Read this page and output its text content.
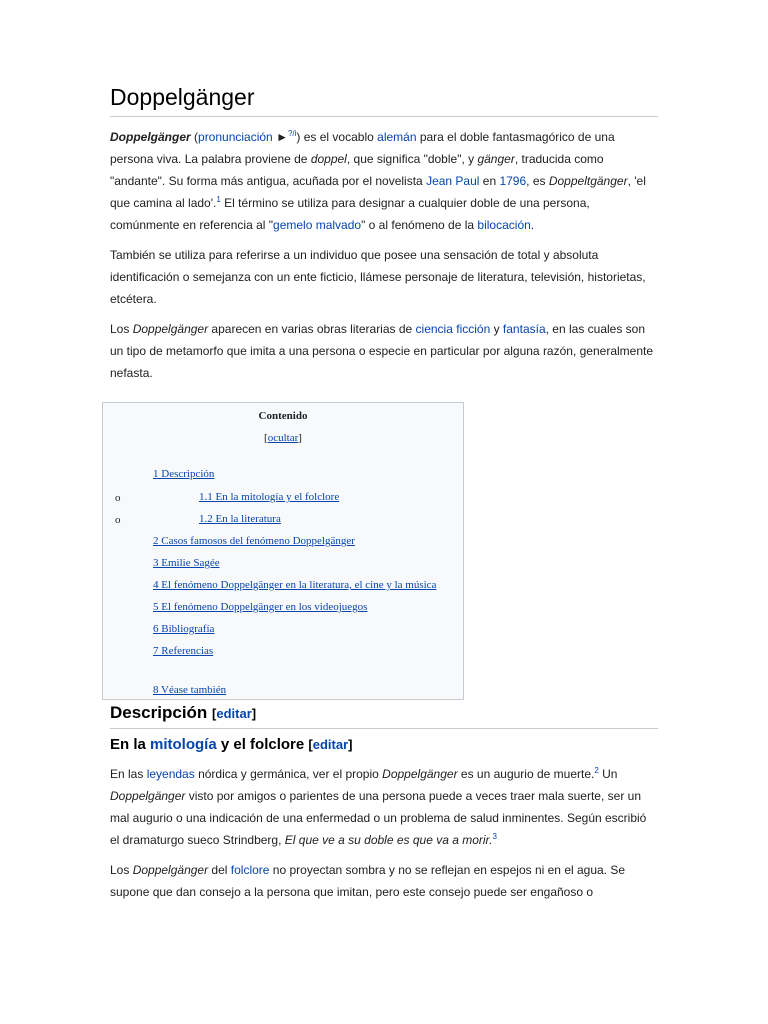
Doppelgänger

Doppelgänger (pronunciación ►$^{?/i}$) es el vocablo alemán para el doble fantasmagórico de una persona viva. La palabra proviene de doppel, que significa "doble", y gänger, traducida como "andante". Su forma más antigua, acuñada por el novelista Jean Paul en 1796, es Doppeltgänger, 'el que camina al lado'.$^1$ El término se utiliza para designar a cualquier doble de una persona, comúnmente en referencia al "gemelo malvado" o al fenómeno de la bilocación.

También se utiliza para referirse a un individuo que posee una sensación de total y absoluta identificación o semejanza con un ente ficticio, llámese personaje de literatura, televisión, historietas, etcétera.

Los Doppelgänger aparecen en varias obras literarias de ciencia ficción y fantasía, en las cuales son un tipo de metamorfo que imita a una persona o especie en particular por alguna razón, generalmente nefasta.

Contenido
[ocultar]
1 Descripción
o	1.1 En la mitología y el folclore
o	1.2 En la literatura
2 Casos famosos del fenómeno Doppelgänger
3 Emilie Sagée
4 El fenómeno Doppelgänger en la literatura, el cine y la música
5 El fenómeno Doppelgänger en los videojuegos
6 Bibliografía
7 Referencias
8 Véase también
Descripción [editar]
En la mitología y el folclore [editar]

En las leyendas nórdica y germánica, ver el propio Doppelgänger es un augurio de muerte.$^2$ Un Doppelgänger visto por amigos o parientes de una persona puede a veces traer mala suerte, ser un mal augurio o una indicación de una enfermedad o un problema de salud inminentes. Según escribió el dramaturgo sueco Strindberg, El que ve a su doble es que va a morir.$^3$

Los Doppelgänger del folclore no proyectan sombra y no se reflejan en espejos ni en el agua. Se supone que dan consejo a la persona que imitan, pero este consejo puede ser engañoso o
